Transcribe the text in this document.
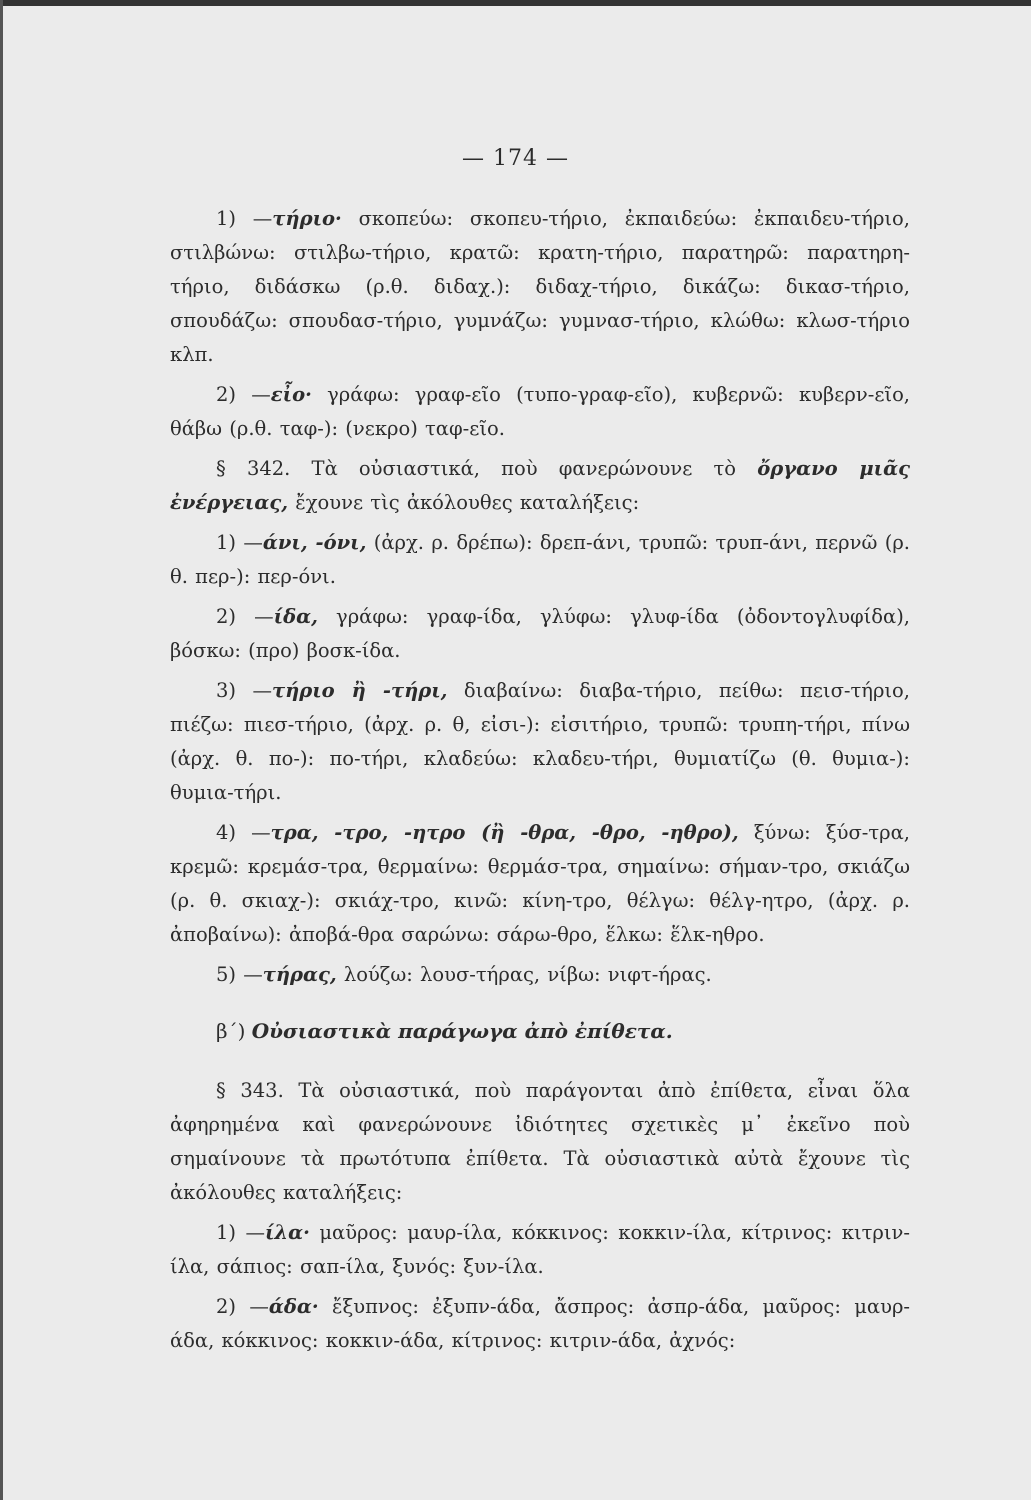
— 174 —

1) —τήριο· σκοπεύω: σκοπευ-τήριο, ἐκπαιδεύω: ἐκπαιδευ-τήριο, στιλβώνω: στιλβω-τήριο, κρατῶ: κρατη-τήριο, παρατηρῶ: παρατηρη-τήριο, διδάσκω (ρ.θ. διδαχ.): διδαχ-τήριο, δικάζω: δικασ-τήριο, σπουδάζω: σπουδασ-τήριο, γυμνάζω: γυμνασ-τήριο, κλώθω: κλωσ-τήριο κλπ.

2) —εἶο· γράφω: γραφ-εῖο (τυπο-γραφ-εῖο), κυβερνῶ: κυβερν-εῖο, θάβω (ρ.θ. ταφ-): (νεκρο) ταφ-εῖο.

§ 342. Τὰ οὐσιαστικά, ποὺ φανερώνουνε τὸ ὄργανο μιᾶς ἐνέργειας, ἔχουνε τὶς ἀκόλουθες καταλήξεις:

1) —άνι, -όνι, (ἀρχ. ρ. δρέπω): δρεπ-άνι, τρυπῶ: τρυπ-άνι, περνῶ (ρ. θ. περ-): περ-όνι.

2) —ίδα, γράφω: γραφ-ίδα, γλύφω: γλυφ-ίδα (ὀδοντογλυφίδα), βόσκω: (προ) βοσκ-ίδα.

3) —τήριο ἢ -τήρι, διαβαίνω: διαβα-τήριο, πείθω: πεισ-τήριο, πιέζω: πιεσ-τήριο, (ἀρχ. ρ. θ, εἰσι-): εἰσιτήριο, τρυπῶ: τρυπη-τήρι, πίνω (ἀρχ. θ. πο-): πο-τήρι, κλαδεύω: κλαδευ-τήρι, θυμιατίζω (θ. θυμια-): θυμια-τήρι.

4) —τρα, -τρο, -ητρο (ἢ -θρα, -θρο, -ηθρο), ξύνω: ξύσ-τρα, κρεμῶ: κρεμάσ-τρα, θερμαίνω: θερμάσ-τρα, σημαίνω: σήμαν-τρο, σκιάζω (ρ. θ. σκιαχ-): σκιάχ-τρο, κινῶ: κίνη-τρο, θέλγω: θέλγ-ητρο, (ἀρχ. ρ. ἀποβαίνω): ἀποβά-θρα σαρώνω: σάρω-θρο, ἕλκω: ἕλκ-ηθρο.

5) —τήρας, λούζω: λουσ-τήρας, νίβω: νιφτ-ήρας.

β΄) Οὐσιαστικὰ παράγωγα ἀπὸ ἐπίθετα.

§ 343. Τὰ οὐσιαστικά, ποὺ παράγονται ἀπὸ ἐπίθετα, εἶναι ὅλα ἀφηρημένα καὶ φανερώνουνε ἰδιότητες σχετικὲς μ᾿ ἐκεῖνο ποὺ σημαίνουνε τὰ πρωτότυπα ἐπίθετα. Τὰ οὐσιαστικὰ αὐτὰ ἔχουνε τὶς ἀκόλουθες καταλήξεις:

1) —ίλα· μαῦρος: μαυρ-ίλα, κόκκινος: κοκκιν-ίλα, κίτρινος: κιτριν-ίλα, σάπιος: σαπ-ίλα, ξυνός: ξυν-ίλα.

2) —άδα· ἔξυπνος: ἐξυπν-άδα, ἄσπρος: ἀσπρ-άδα, μαῦρος: μαυρ-άδα, κόκκινος: κοκκιν-άδα, κίτρινος: κιτριν-άδα, ἀχνός:
